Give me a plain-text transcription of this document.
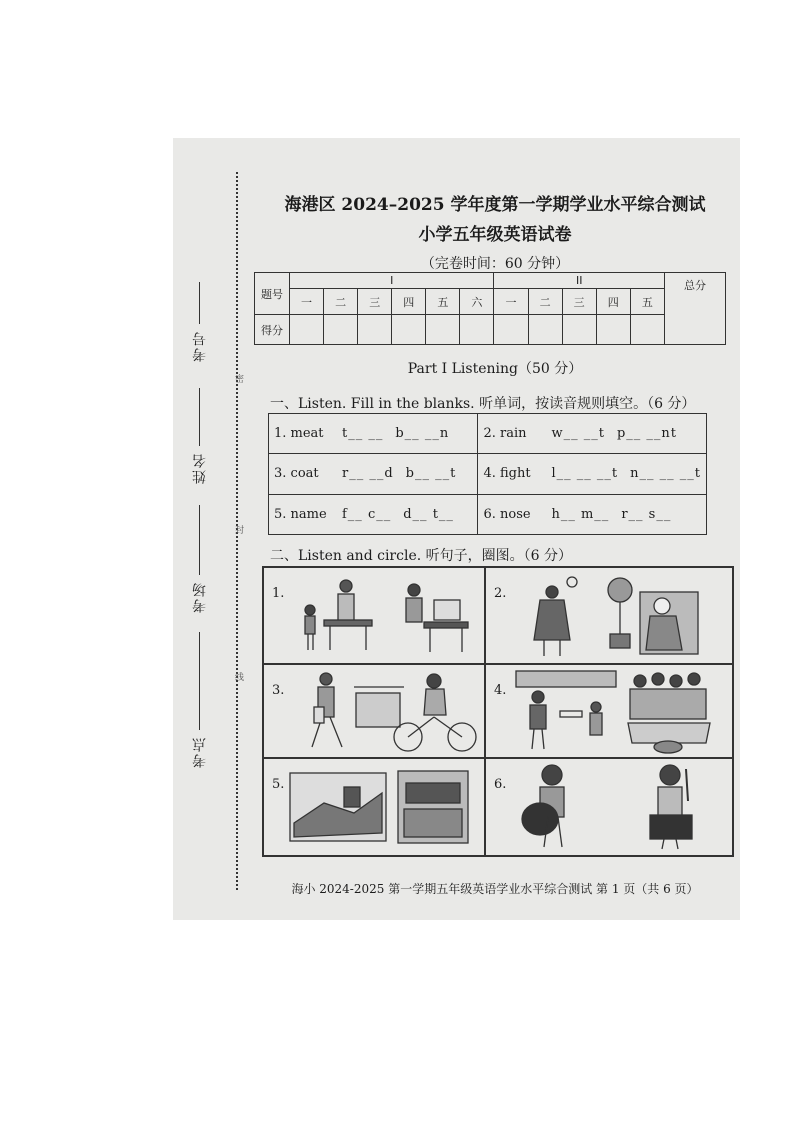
考号
姓名
考场
考点
密
封
线
海港区 2024–2025 学年度第一学期学业水平综合测试
小学五年级英语试卷
（完卷时间：60 分钟）
题号	I						II					总分
	一	二	三	四	五	六	一	二	三	四	五	
得分												
Part I Listening（50 分）
一、Listen. Fill in the blanks. 听单词，按读音规则填空。（6 分）
1. meat t__ __ b__ __n	2. rain w__ __t p__ __nt
3. coat r__ __d b__ __t	4. fight l__ __ __t n__ __ __t
5. name f__ c__ d__ t__	6. nose h__ m__ r__ s__
二、Listen and circle. 听句子，圈图。（6 分）
1.	2.
3.	4.
5.	6.
海小 2024-2025 第一学期五年级英语学业水平综合测试 第 1 页（共 6 页）
